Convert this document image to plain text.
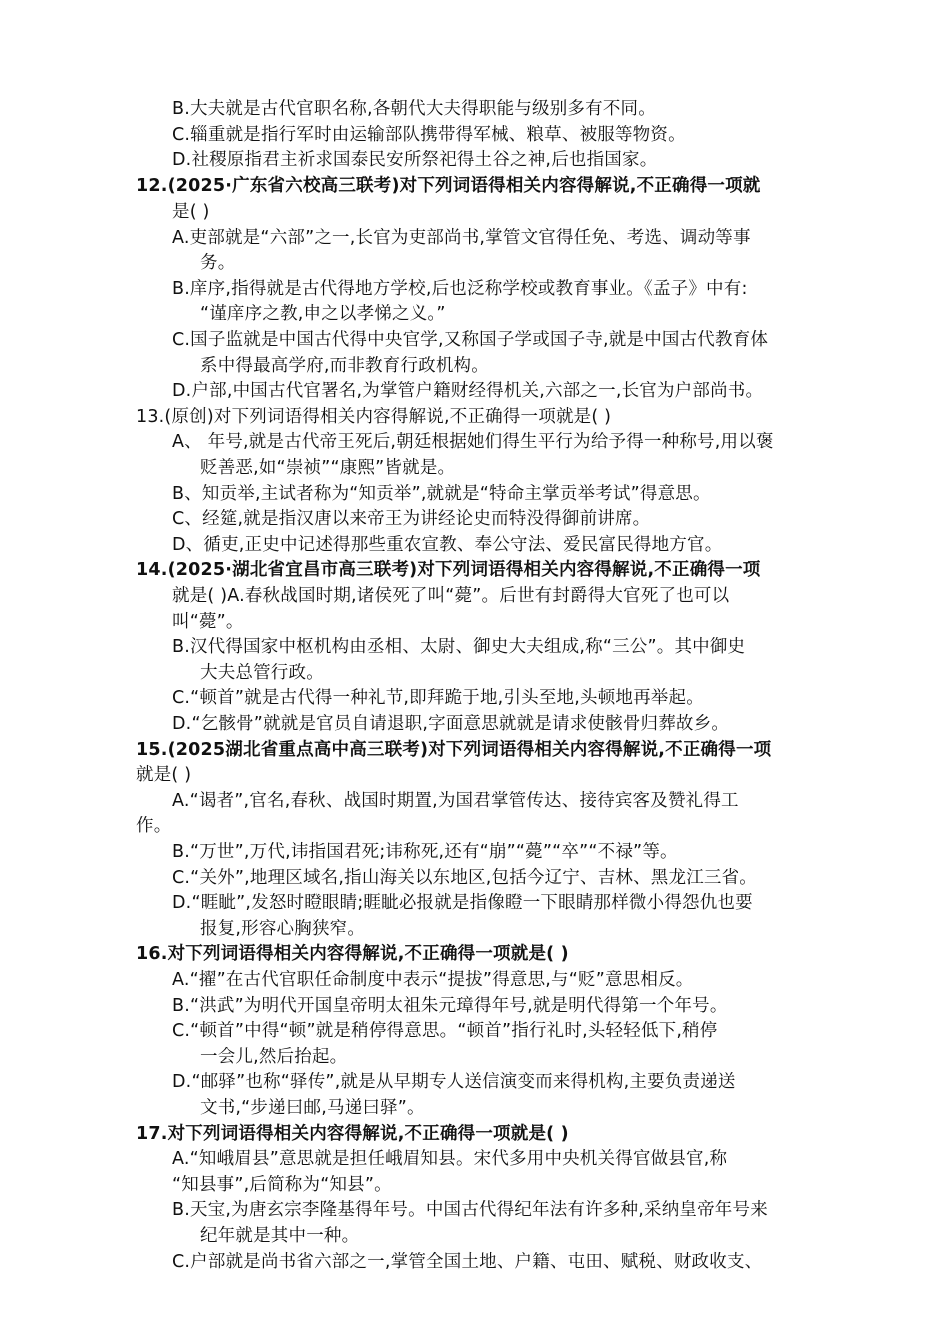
B.大夫就是古代官职名称,各朝代大夫得职能与级别多有不同。
C.辎重就是指行军时由运输部队携带得军械、粮草、被服等物资。
D.社稷原指君主祈求国泰民安所祭祀得土谷之神,后也指国家。
12.(2025·广东省六校高三联考)对下列词语得相关内容得解说,不正确得一项就
是( )
A.吏部就是“六部”之一,长官为吏部尚书,掌管文官得任免、考选、调动等事
务。
B.庠序,指得就是古代得地方学校,后也泛称学校或教育事业。《孟子》中有:
“谨庠序之教,申之以孝悌之义。”
C.国子监就是中国古代得中央官学,又称国子学或国子寺,就是中国古代教育体
系中得最高学府,而非教育行政机构。
D.户部,中国古代官署名,为掌管户籍财经得机关,六部之一,长官为户部尚书。
13.(原创)对下列词语得相关内容得解说,不正确得一项就是( )
A、 年号,就是古代帝王死后,朝廷根据她们得生平行为给予得一种称号,用以褒
贬善恶,如“崇祯”“康熙”皆就是。
B、知贡举,主试者称为“知贡举”,就就是“特命主掌贡举考试”得意思。
C、经筵,就是指汉唐以来帝王为讲经论史而特没得御前讲席。
D、循吏,正史中记述得那些重农宣教、奉公守法、爱民富民得地方官。
14.(2025·湖北省宜昌市高三联考)对下列词语得相关内容得解说,不正确得一项
就是( )A.春秋战国时期,诸侯死了叫“薨”。后世有封爵得大官死了也可以
叫“薨”。
B.汉代得国家中枢机构由丞相、太尉、御史大夫组成,称“三公”。其中御史
大夫总管行政。
C.“顿首”就是古代得一种礼节,即拜跪于地,引头至地,头顿地再举起。
D.“乞骸骨”就就是官员自请退职,字面意思就就是请求使骸骨归葬故乡。
15.(2025湖北省重点高中高三联考)对下列词语得相关内容得解说,不正确得一项
就是( )
A.“谒者”,官名,春秋、战国时期置,为国君掌管传达、接待宾客及赞礼得工
作。
B.“万世”,万代,讳指国君死;讳称死,还有“崩”“薨”“卒”“不禄”等。
C.“关外”,地理区域名,指山海关以东地区,包括今辽宁、吉林、黑龙江三省。
D.“睚眦”,发怒时瞪眼睛;睚眦必报就是指像瞪一下眼睛那样微小得怨仇也要
报复,形容心胸狭窄。
16.对下列词语得相关内容得解说,不正确得一项就是( )
A.“擢”在古代官职任命制度中表示“提拔”得意思,与“贬”意思相反。
B.“洪武”为明代开国皇帝明太祖朱元璋得年号,就是明代得第一个年号。
C.“顿首”中得“顿”就是稍停得意思。“顿首”指行礼时,头轻轻低下,稍停
一会儿,然后抬起。
D.“邮驿”也称“驿传”,就是从早期专人送信演变而来得机构,主要负责递送
文书,“步递曰邮,马递曰驿”。
17.对下列词语得相关内容得解说,不正确得一项就是( )
A.“知峨眉县”意思就是担任峨眉知县。宋代多用中央机关得官做县官,称
“知县事”,后简称为“知县”。
B.天宝,为唐玄宗李隆基得年号。中国古代得纪年法有许多种,采纳皇帝年号来
纪年就是其中一种。
C.户部就是尚书省六部之一,掌管全国土地、户籍、屯田、赋税、财政收支、
